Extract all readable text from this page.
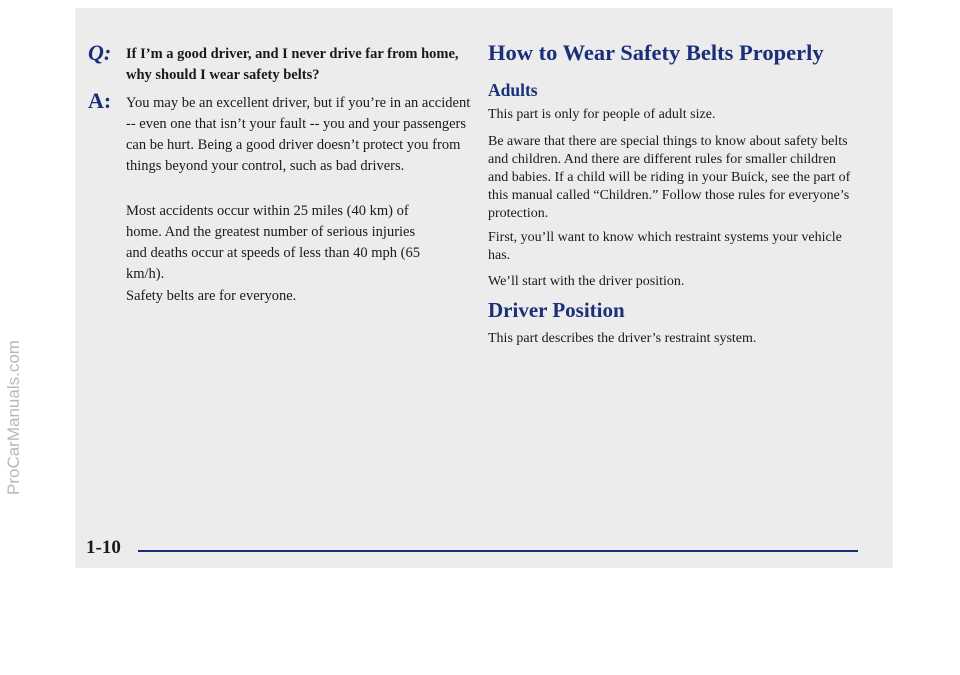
ProCarManuals.com
Q: If I’m a good driver, and I never drive far from home, why should I wear safety belts?
A: You may be an excellent driver, but if you’re in an accident -- even one that isn’t your fault -- you and your passengers can be hurt. Being a good driver doesn’t protect you from things beyond your control, such as bad drivers.
Most accidents occur within 25 miles (40 km) of home. And the greatest number of serious injuries and deaths occur at speeds of less than 40 mph (65 km/h).
Safety belts are for everyone.
How to Wear Safety Belts Properly
Adults
This part is only for people of adult size.
Be aware that there are special things to know about safety belts and children. And there are different rules for smaller children and babies. If a child will be riding in your Buick, see the part of this manual called “Children.” Follow those rules for everyone’s protection.
First, you’ll want to know which restraint systems your vehicle has.
We’ll start with the driver position.
Driver Position
This part describes the driver’s restraint system.
1-10
